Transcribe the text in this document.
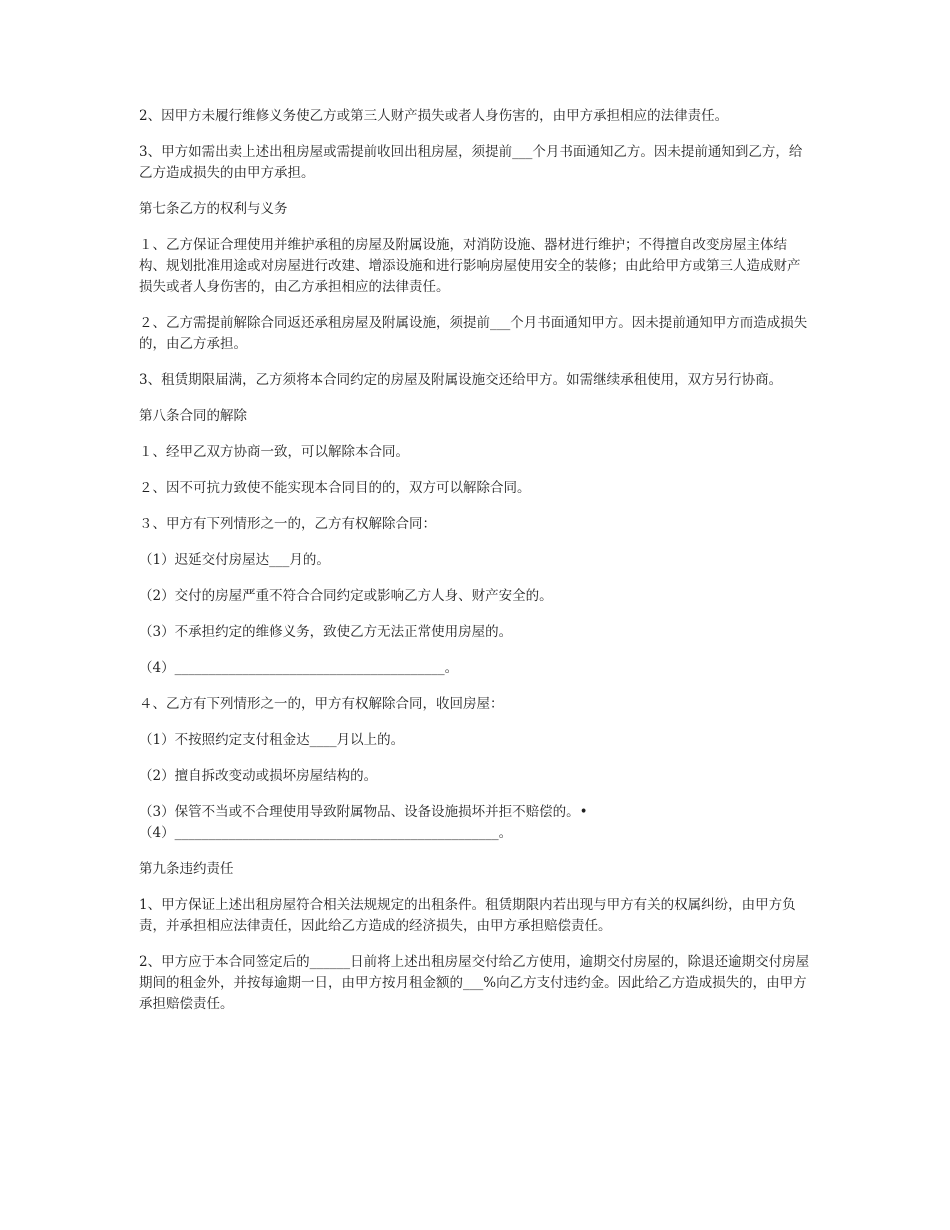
2、因甲方未履行维修义务使乙方或第三人财产损失或者人身伤害的，由甲方承担相应的法律责任。

3、甲方如需出卖上述出租房屋或需提前收回出租房屋，须提前___个月书面通知乙方。因未提前通知到乙方，给乙方造成损失的由甲方承担。

第七条乙方的权利与义务

１、乙方保证合理使用并维护承租的房屋及附属设施，对消防设施、器材进行维护；不得擅自改变房屋主体结构、规划批准用途或对房屋进行改建、增添设施和进行影响房屋使用安全的装修；由此给甲方或第三人造成财产损失或者人身伤害的，由乙方承担相应的法律责任。

２、乙方需提前解除合同返还承租房屋及附属设施，须提前___个月书面通知甲方。因未提前通知甲方而造成损失的，由乙方承担。

3、租赁期限届满，乙方须将本合同约定的房屋及附属设施交还给甲方。如需继续承租使用，双方另行协商。

第八条合同的解除

１、经甲乙双方协商一致，可以解除本合同。

２、因不可抗力致使不能实现本合同目的的，双方可以解除合同。

３、甲方有下列情形之一的，乙方有权解除合同：

（1）迟延交付房屋达___月的。

（2）交付的房屋严重不符合合同约定或影响乙方人身、财产安全的。

（3）不承担约定的维修义务，致使乙方无法正常使用房屋的。

（4）________________________________________。

４、乙方有下列情形之一的，甲方有权解除合同，收回房屋：

（1）不按照约定支付租金达____月以上的。

（2）擅自拆改变动或损坏房屋结构的。

（3）保管不当或不合理使用导致附属物品、设备设施损坏并拒不赔偿的。•

（4）________________________________________________。

第九条违约责任

1、甲方保证上述出租房屋符合相关法规规定的出租条件。租赁期限内若出现与甲方有关的权属纠纷，由甲方负责，并承担相应法律责任，因此给乙方造成的经济损失，由甲方承担赔偿责任。

2、甲方应于本合同签定后的______日前将上述出租房屋交付给乙方使用，逾期交付房屋的，除退还逾期交付房屋期间的租金外，并按每逾期一日，由甲方按月租金额的___%向乙方支付违约金。因此给乙方造成损失的，由甲方承担赔偿责任。
